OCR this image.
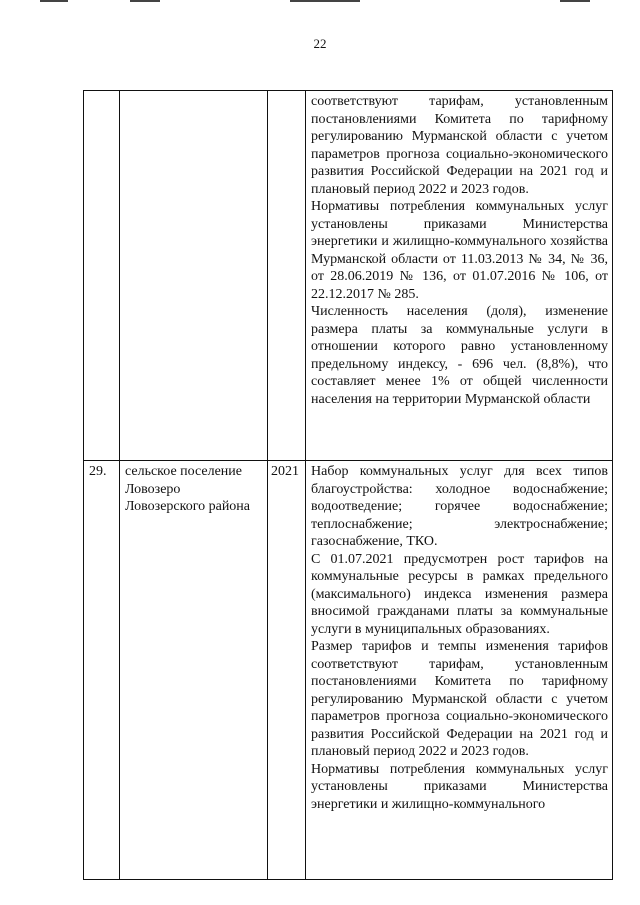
22

			соответствуют тарифам, установленным постановлениями Комитета по тарифному регулированию Мурманской области с учетом параметров прогноза социально-экономического развития Российской Федерации на 2021 год и плановый период 2022 и 2023 годов.

Нормативы потребления коммунальных услуг установлены приказами Министерства энергетики и жилищно-коммунального хозяйства Мурманской области от 11.03.2013 № 34, № 36, от 28.06.2019 № 136, от 01.07.2016 № 106, от 22.12.2017 № 285.

Численность населения (доля), изменение размера платы за коммунальные услуги в отношении которого равно установленному предельному индексу, - 696 чел. (8,8%), что составляет менее 1% от общей численности населения на территории Мурманской области

29.	сельское поселение Ловозеро Ловозерского района	2021	Набор коммунальных услуг для всех типов благоустройства: холодное водоснабжение; водоотведение; горячее водоснабжение; теплоснабжение; электроснабжение; газоснабжение, ТКО.

С 01.07.2021 предусмотрен рост тарифов на коммунальные ресурсы в рамках предельного (максимального) индекса изменения размера вносимой гражданами платы за коммунальные услуги в муниципальных образованиях.

Размер тарифов и темпы изменения тарифов соответствуют тарифам, установленным постановлениями Комитета по тарифному регулированию Мурманской области с учетом параметров прогноза социально-экономического развития Российской Федерации на 2021 год и плановый период 2022 и 2023 годов.

Нормативы потребления коммунальных услуг установлены приказами Министерства энергетики и жилищно-коммунального
